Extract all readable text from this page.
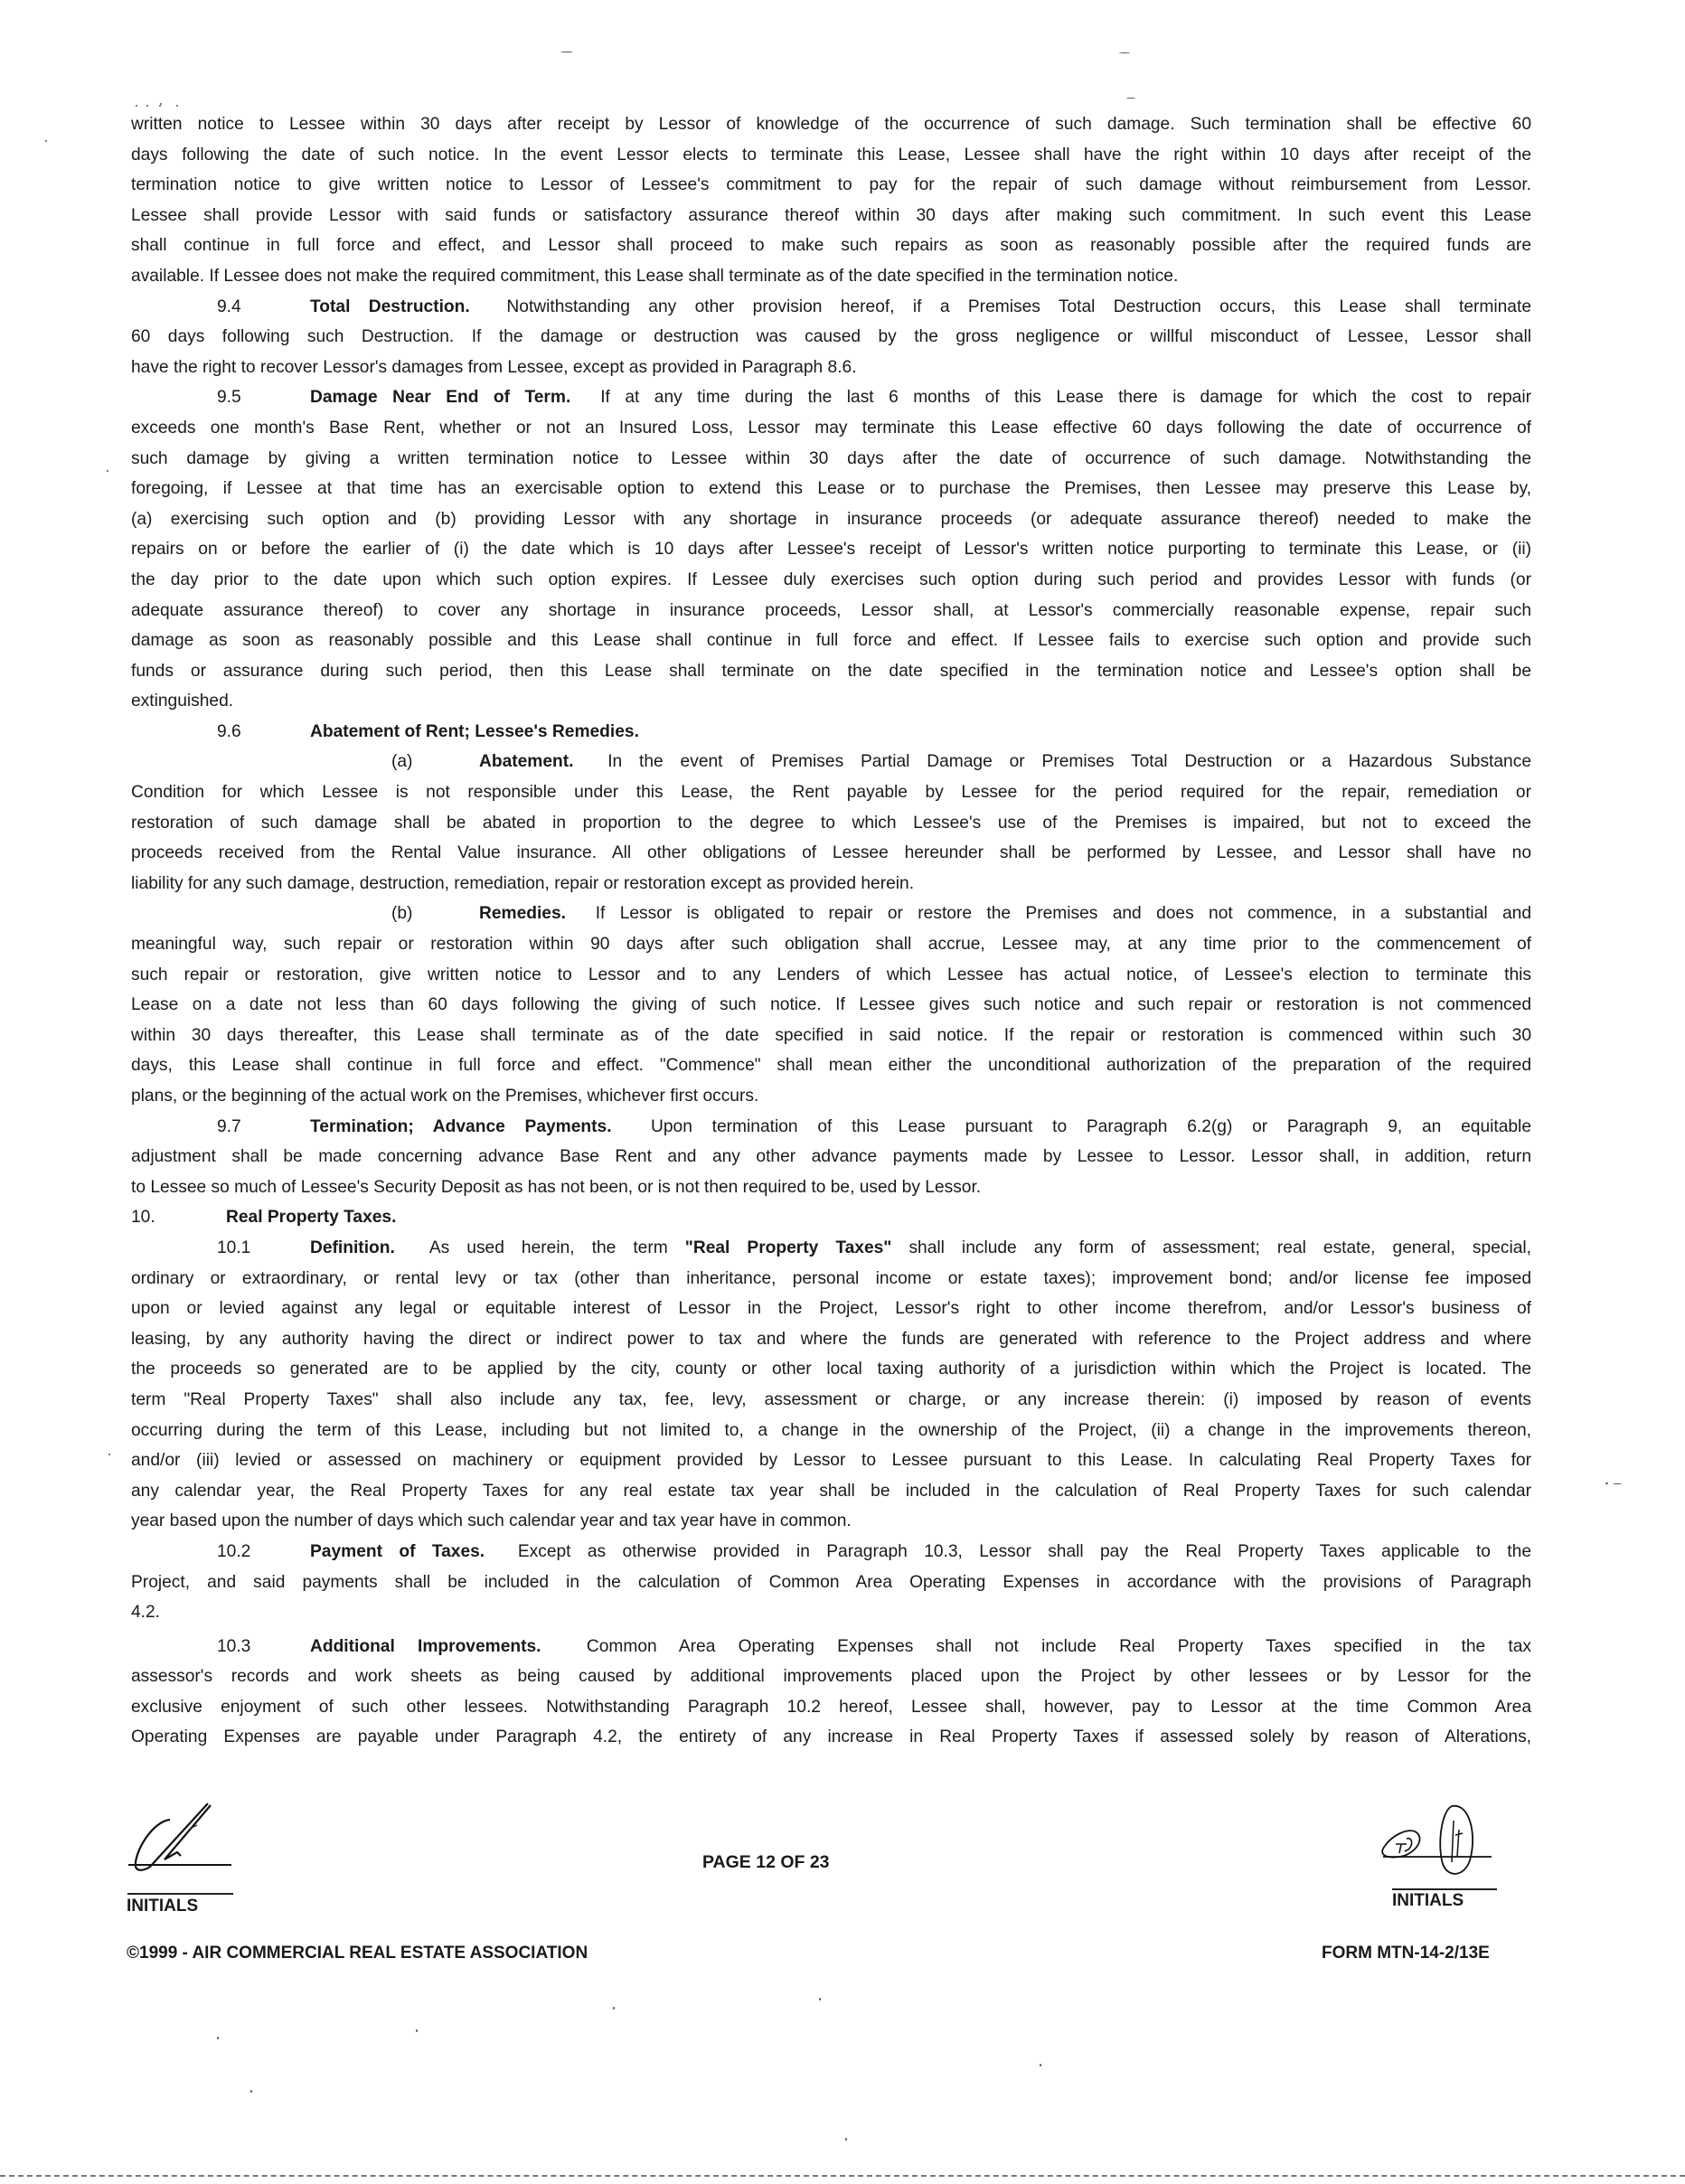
written notice to Lessee within 30 days after receipt by Lessor of knowledge of the occurrence of such damage. Such termination shall be effective 60
days following the date of such notice. In the event Lessor elects to terminate this Lease, Lessee shall have the right within 10 days after receipt of the
termination notice to give written notice to Lessor of Lessee's commitment to pay for the repair of such damage without reimbursement from Lessor.
Lessee shall provide Lessor with said funds or satisfactory assurance thereof within 30 days after making such commitment. In such event this Lease
shall continue in full force and effect, and Lessor shall proceed to make such repairs as soon as reasonably possible after the required funds are
available. If Lessee does not make the required commitment, this Lease shall terminate as of the date specified in the termination notice.
9.4	Total Destruction. Notwithstanding any other provision hereof, if a Premises Total Destruction occurs, this Lease shall terminate
60 days following such Destruction. If the damage or destruction was caused by the gross negligence or willful misconduct of Lessee, Lessor shall
have the right to recover Lessor's damages from Lessee, except as provided in Paragraph 8.6.
9.5	Damage Near End of Term. If at any time during the last 6 months of this Lease there is damage for which the cost to repair
exceeds one month's Base Rent, whether or not an Insured Loss, Lessor may terminate this Lease effective 60 days following the date of occurrence of
such damage by giving a written termination notice to Lessee within 30 days after the date of occurrence of such damage. Notwithstanding the
foregoing, if Lessee at that time has an exercisable option to extend this Lease or to purchase the Premises, then Lessee may preserve this Lease by,
(a) exercising such option and (b) providing Lessor with any shortage in insurance proceeds (or adequate assurance thereof) needed to make the
repairs on or before the earlier of (i) the date which is 10 days after Lessee's receipt of Lessor's written notice purporting to terminate this Lease, or (ii)
the day prior to the date upon which such option expires. If Lessee duly exercises such option during such period and provides Lessor with funds (or
adequate assurance thereof) to cover any shortage in insurance proceeds, Lessor shall, at Lessor's commercially reasonable expense, repair such
damage as soon as reasonably possible and this Lease shall continue in full force and effect. If Lessee fails to exercise such option and provide such
funds or assurance during such period, then this Lease shall terminate on the date specified in the termination notice and Lessee's option shall be
extinguished.
9.6	Abatement of Rent; Lessee's Remedies.
(a)	Abatement. In the event of Premises Partial Damage or Premises Total Destruction or a Hazardous Substance
Condition for which Lessee is not responsible under this Lease, the Rent payable by Lessee for the period required for the repair, remediation or
restoration of such damage shall be abated in proportion to the degree to which Lessee's use of the Premises is impaired, but not to exceed the
proceeds received from the Rental Value insurance. All other obligations of Lessee hereunder shall be performed by Lessee, and Lessor shall have no
liability for any such damage, destruction, remediation, repair or restoration except as provided herein.
(b)	Remedies. If Lessor is obligated to repair or restore the Premises and does not commence, in a substantial and
meaningful way, such repair or restoration within 90 days after such obligation shall accrue, Lessee may, at any time prior to the commencement of
such repair or restoration, give written notice to Lessor and to any Lenders of which Lessee has actual notice, of Lessee's election to terminate this
Lease on a date not less than 60 days following the giving of such notice. If Lessee gives such notice and such repair or restoration is not commenced
within 30 days thereafter, this Lease shall terminate as of the date specified in said notice. If the repair or restoration is commenced within such 30
days, this Lease shall continue in full force and effect. "Commence" shall mean either the unconditional authorization of the preparation of the required
plans, or the beginning of the actual work on the Premises, whichever first occurs.
9.7	Termination; Advance Payments. Upon termination of this Lease pursuant to Paragraph 6.2(g) or Paragraph 9, an equitable
adjustment shall be made concerning advance Base Rent and any other advance payments made by Lessee to Lessor. Lessor shall, in addition, return
to Lessee so much of Lessee's Security Deposit as has not been, or is not then required to be, used by Lessor.
10.	Real Property Taxes.
10.1	Definition. As used herein, the term "Real Property Taxes" shall include any form of assessment; real estate, general, special,
ordinary or extraordinary, or rental levy or tax (other than inheritance, personal income or estate taxes); improvement bond; and/or license fee imposed
upon or levied against any legal or equitable interest of Lessor in the Project, Lessor's right to other income therefrom, and/or Lessor's business of
leasing, by any authority having the direct or indirect power to tax and where the funds are generated with reference to the Project address and where
the proceeds so generated are to be applied by the city, county or other local taxing authority of a jurisdiction within which the Project is located. The
term "Real Property Taxes" shall also include any tax, fee, levy, assessment or charge, or any increase therein: (i) imposed by reason of events
occurring during the term of this Lease, including but not limited to, a change in the ownership of the Project, (ii) a change in the improvements thereon,
and/or (iii) levied or assessed on machinery or equipment provided by Lessor to Lessee pursuant to this Lease. In calculating Real Property Taxes for
any calendar year, the Real Property Taxes for any real estate tax year shall be included in the calculation of Real Property Taxes for such calendar
year based upon the number of days which such calendar year and tax year have in common.
10.2	Payment of Taxes. Except as otherwise provided in Paragraph 10.3, Lessor shall pay the Real Property Taxes applicable to the
Project, and said payments shall be included in the calculation of Common Area Operating Expenses in accordance with the provisions of Paragraph
4.2.
10.3	Additional Improvements.	Common Area Operating Expenses shall not include Real Property Taxes specified in the tax
assessor's records and work sheets as being caused by additional improvements placed upon the Project by other lessees or by Lessor for the
exclusive enjoyment of such other lessees. Notwithstanding Paragraph 10.2 hereof, Lessee shall, however, pay to Lessor at the time Common Area
Operating Expenses are payable under Paragraph 4.2, the entirety of any increase in Real Property Taxes if assessed solely by reason of Alterations,
INITIALS
PAGE 12 OF 23
INITIALS
©1999 - AIR COMMERCIAL REAL ESTATE ASSOCIATION	FORM MTN-14-2/13E
